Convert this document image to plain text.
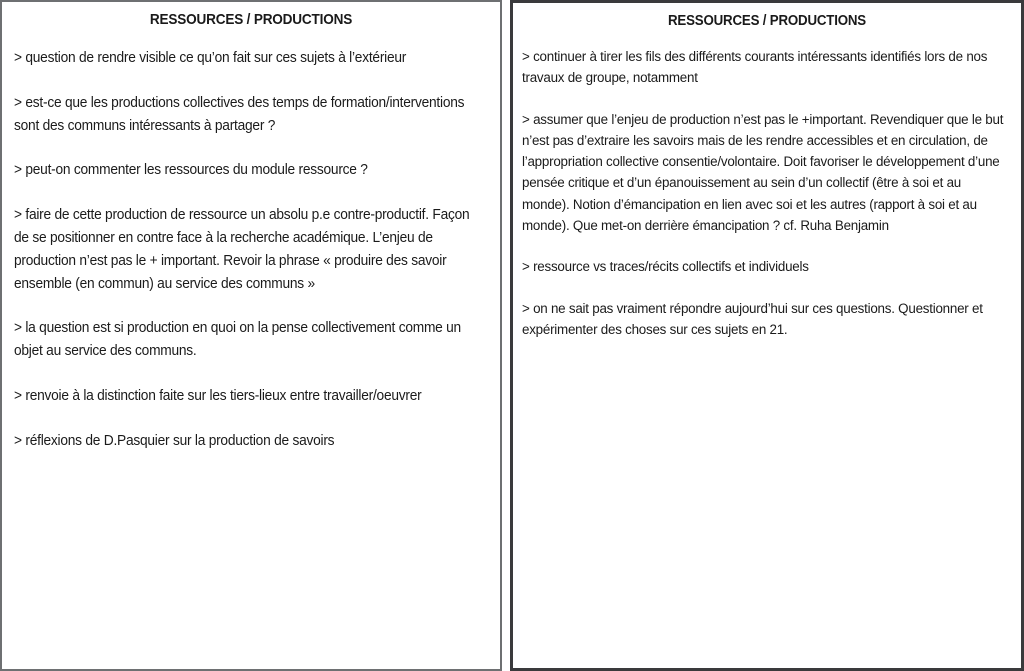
RESSOURCES / PRODUCTIONS
> question de rendre visible ce qu’on fait sur ces sujets à l’extérieur
> est-ce que les productions collectives des temps de formation/interventions sont des communs intéressants à partager ?
> peut-on commenter les ressources du module ressource ?
> faire de cette production de ressource un absolu p.e contre-productif. Façon de se positionner en contre face à la recherche académique. L’enjeu de production n’est pas le + important. Revoir la phrase « produire des savoir ensemble (en commun) au service des communs »
> la question est si production en quoi on la pense collectivement comme un objet au service des communs.
> renvoie à la distinction faite sur les tiers-lieux entre travailler/oeuvrer
> réflexions de D.Pasquier sur la production de savoirs
RESSOURCES / PRODUCTIONS
> continuer à tirer les fils des différents courants intéressants identifiés lors de nos travaux de groupe, notamment
> assumer que l’enjeu de production n’est pas le +important. Revendiquer que le but n’est pas d’extraire les savoirs mais de les rendre accessibles et en circulation, de l’appropriation collective consentie/volontaire. Doit favoriser le développement d’une pensée critique et d’un épanouissement au sein d’un collectif (être à soi et au monde). Notion d’émancipation en lien avec soi et les autres (rapport à soi et au monde). Que met-on derrière émancipation ? cf. Ruha Benjamin
> ressource vs traces/récits collectifs et individuels
> on ne sait pas vraiment répondre aujourd’hui sur ces questions. Questionner et expérimenter des choses sur ces sujets en 21.
